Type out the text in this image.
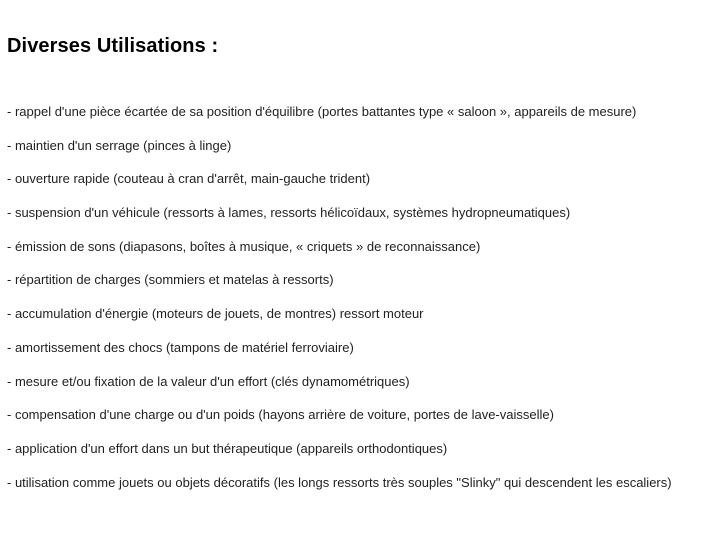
Diverses Utilisations :
- rappel d'une pièce écartée de sa position d'équilibre (portes battantes type « saloon », appareils de mesure)
- maintien d'un serrage (pinces à linge)
- ouverture rapide (couteau à cran d'arrêt, main-gauche trident)
- suspension d'un véhicule (ressorts à lames, ressorts hélicoïdaux, systèmes hydropneumatiques)
- émission de sons (diapasons, boîtes à musique, « criquets » de reconnaissance)
- répartition de charges (sommiers et matelas à ressorts)
- accumulation d'énergie (moteurs de jouets, de montres) ressort moteur
- amortissement des chocs (tampons de matériel ferroviaire)
- mesure et/ou fixation de la valeur d'un effort (clés dynamométriques)
- compensation d'une charge ou d'un poids (hayons arrière de voiture, portes de lave-vaisselle)
- application d'un effort dans un but thérapeutique (appareils orthodontiques)
- utilisation comme jouets ou objets décoratifs (les longs ressorts très souples "Slinky" qui descendent les escaliers)
